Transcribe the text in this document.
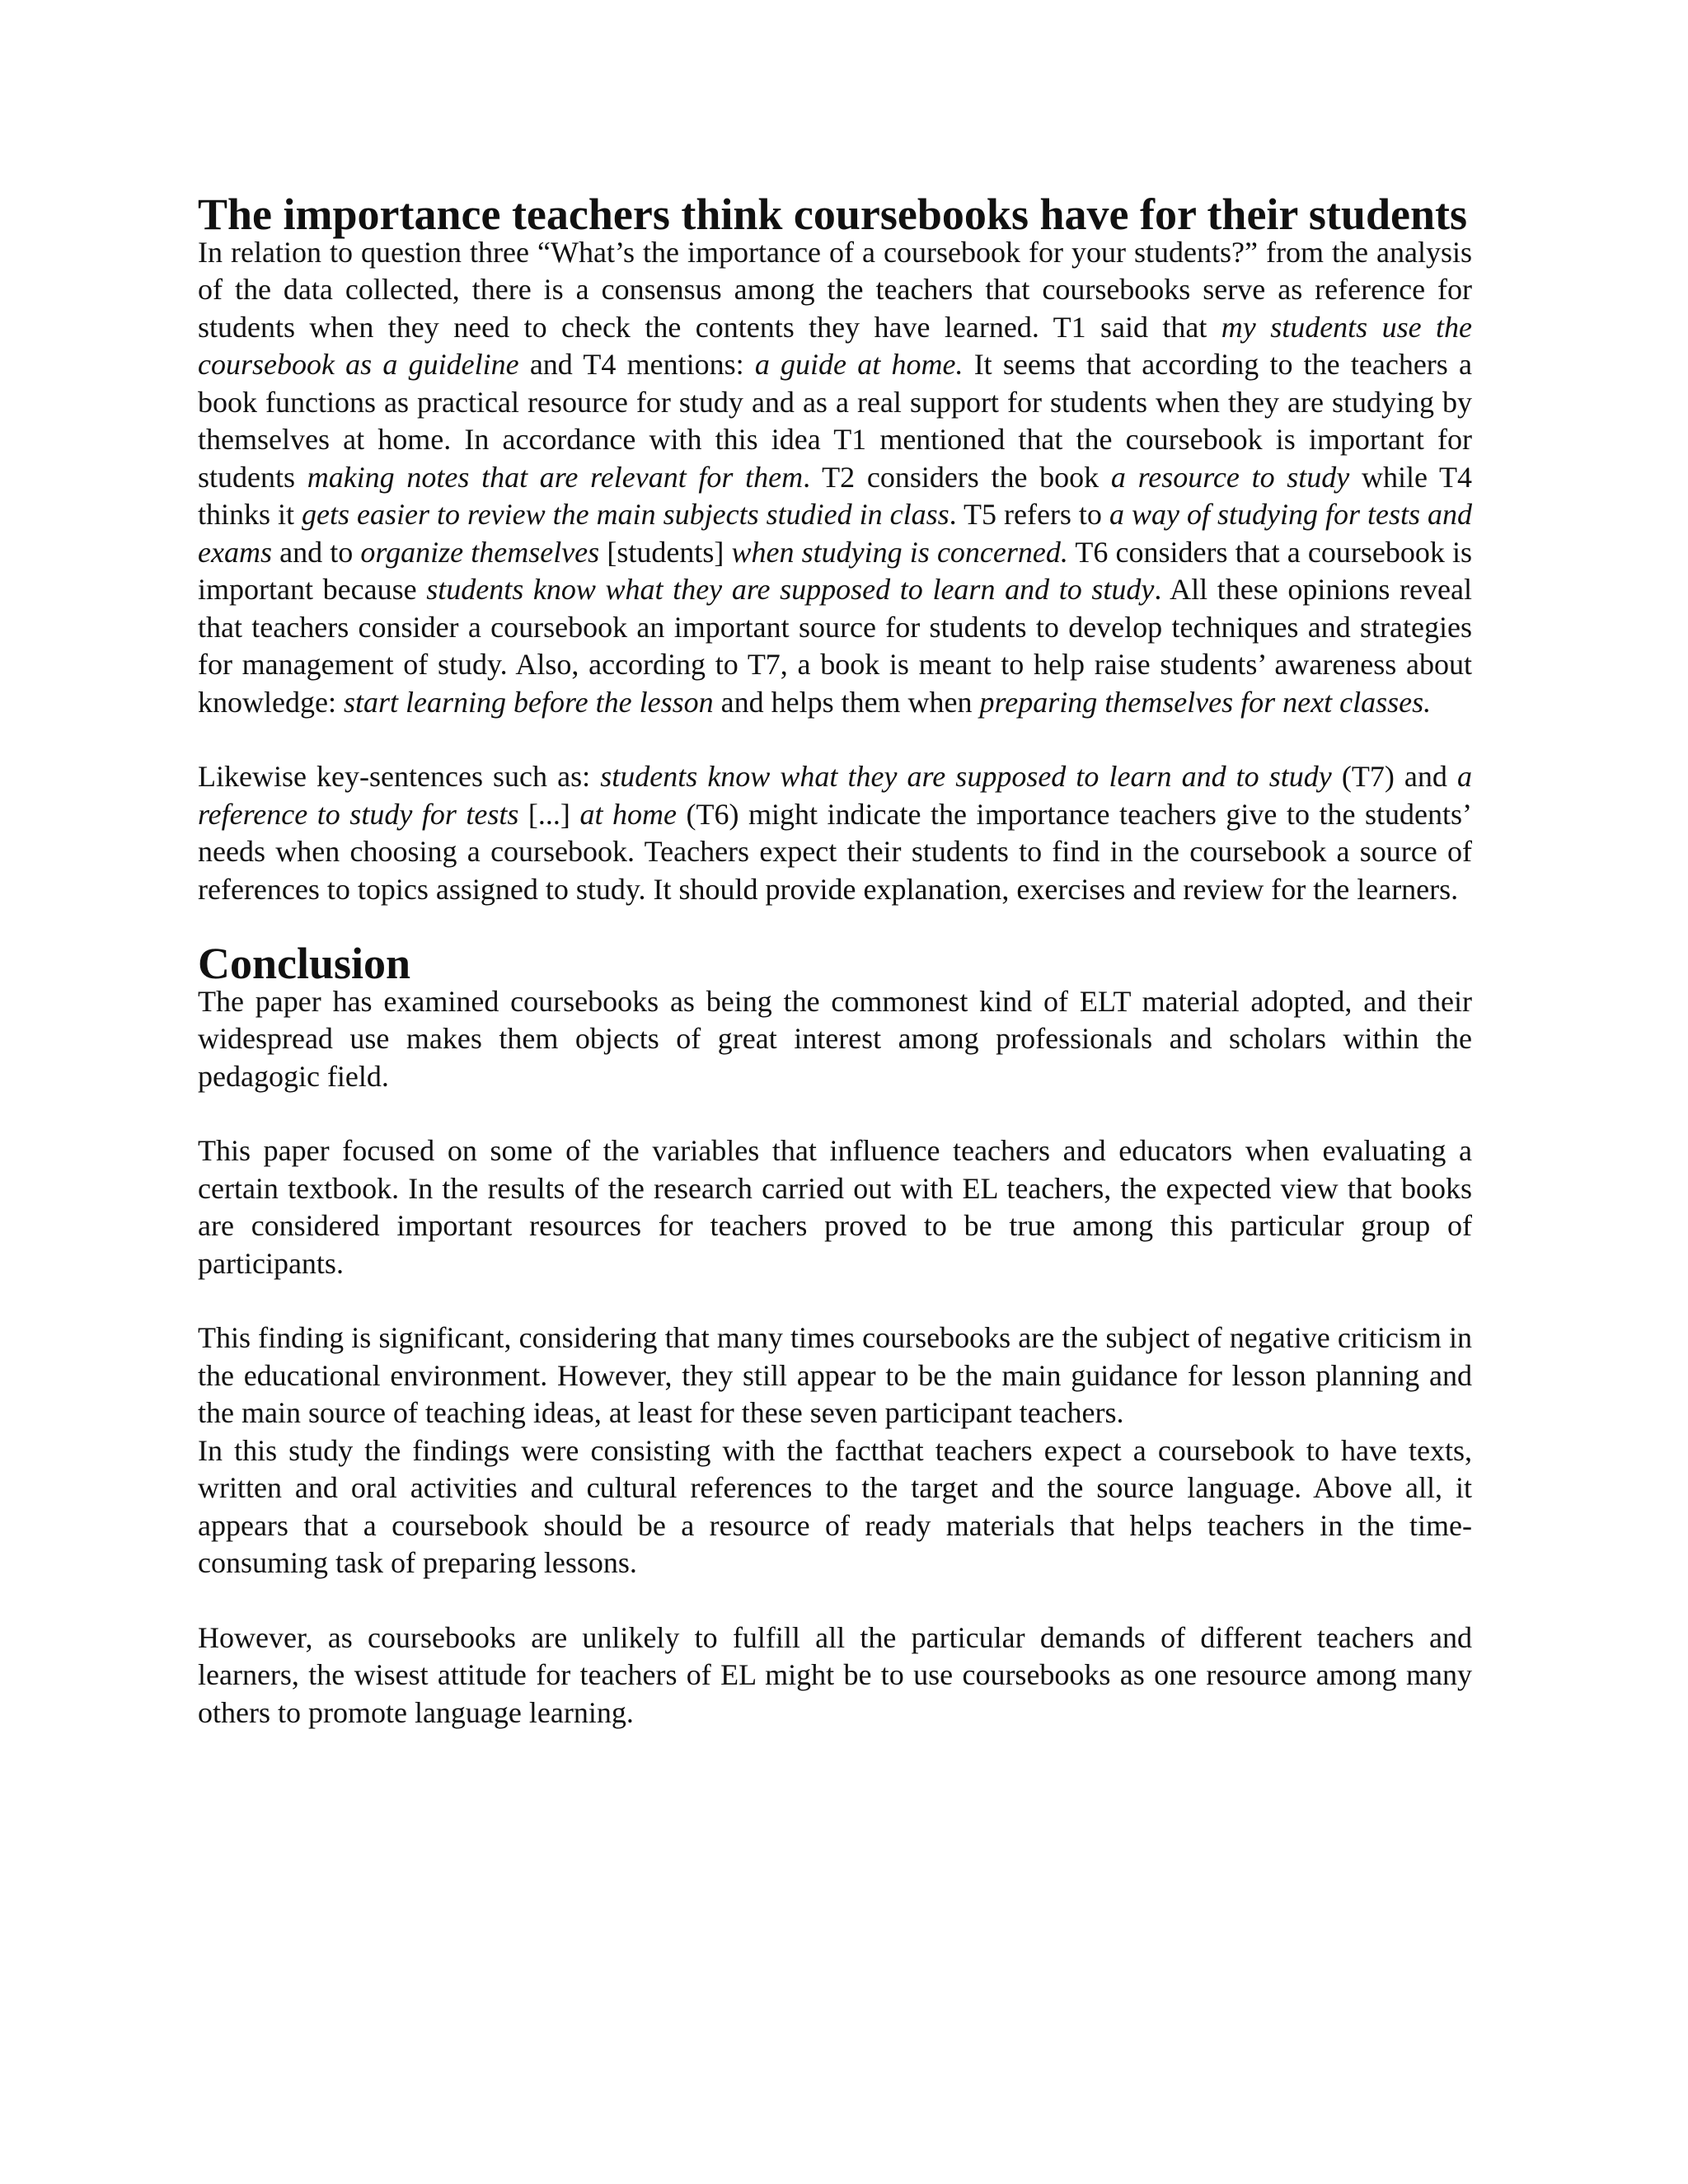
The importance teachers think coursebooks have for their students

In relation to question three “What’s the importance of a coursebook for your students?” from the analysis of the data collected, there is a consensus among the teachers that coursebooks serve as reference for students when they need to check the contents they have learned. T1 said that my students use the coursebook as a guideline and T4 mentions: a guide at home. It seems that according to the teachers a book functions as practical resource for study and as a real support for students when they are studying by themselves at home. In accordance with this idea T1 mentioned that the coursebook is important for students making notes that are relevant for them. T2 considers the book a resource to study while T4 thinks it gets easier to review the main subjects studied in class. T5 refers to a way of studying for tests and exams and to organize themselves [students] when studying is concerned. T6 considers that a coursebook is important because students know what they are supposed to learn and to study. All these opinions reveal that teachers consider a coursebook an important source for students to develop techniques and strategies for management of study. Also, according to T7, a book is meant to help raise students’ awareness about knowledge: start learning before the lesson and helps them when preparing themselves for next classes.

Likewise key-sentences such as: students know what they are supposed to learn and to study (T7) and a reference to study for tests [...] at home (T6) might indicate the importance teachers give to the students’ needs when choosing a coursebook. Teachers expect their students to find in the coursebook a source of references to topics assigned to study. It should provide explanation, exercises and review for the learners.

Conclusion

The paper has examined coursebooks as being the commonest kind of ELT material adopted, and their widespread use makes them objects of great interest among professionals and scholars within the pedagogic field.

This paper focused on some of the variables that influence teachers and educators when evaluating a certain textbook. In the results of the research carried out with EL teachers, the expected view that books are considered important resources for teachers proved to be true among this particular group of participants.

This finding is significant, considering that many times coursebooks are the subject of negative criticism in the educational environment. However, they still appear to be the main guidance for lesson planning and the main source of teaching ideas, at least for these seven participant teachers.

In this study the findings were consisting with the factthat teachers expect a coursebook to have texts, written and oral activities and cultural references to the target and the source language. Above all, it appears that a coursebook should be a resource of ready materials that helps teachers in the time-consuming task of preparing lessons.

However, as coursebooks are unlikely to fulfill all the particular demands of different teachers and learners, the wisest attitude for teachers of EL might be to use coursebooks as one resource among many others to promote language learning.
